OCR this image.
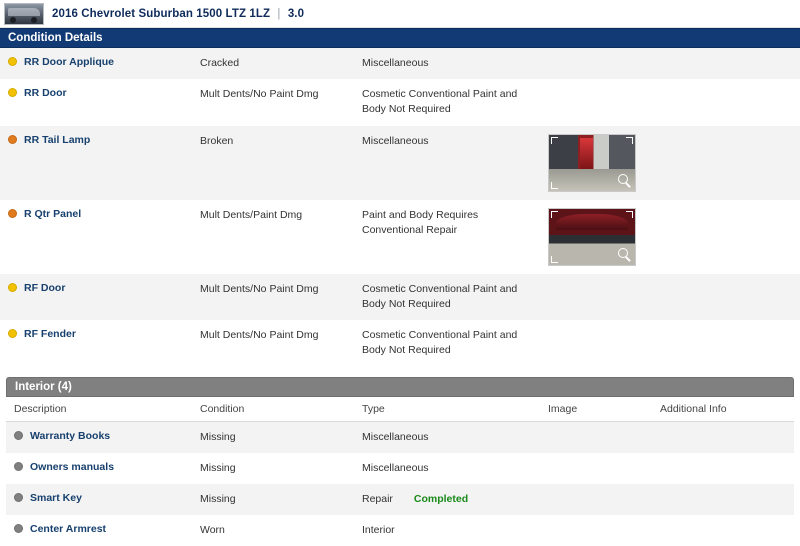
2016 Chevrolet Suburban 1500 LTZ 1LZ | 3.0
Condition Details
RR Door Applique	Cracked	Miscellaneous		

RR Door	Mult Dents/No Paint Dmg	Cosmetic Conventional Paint and Body Not Required		

RR Tail Lamp	Broken	Miscellaneous		

R Qtr Panel	Mult Dents/Paint Dmg	Paint and Body Requires Conventional Repair		

RF Door	Mult Dents/No Paint Dmg	Cosmetic Conventional Paint and Body Not Required		

RF Fender	Mult Dents/No Paint Dmg	Cosmetic Conventional Paint and Body Not Required		

Interior (4)
Description	Condition	Type	Image	Additional Info

Warranty Books	Missing	Miscellaneous		

Owners manuals	Missing	Miscellaneous		

Smart Key	Missing	Repair Completed		

Center Armrest	Worn	Interior		
